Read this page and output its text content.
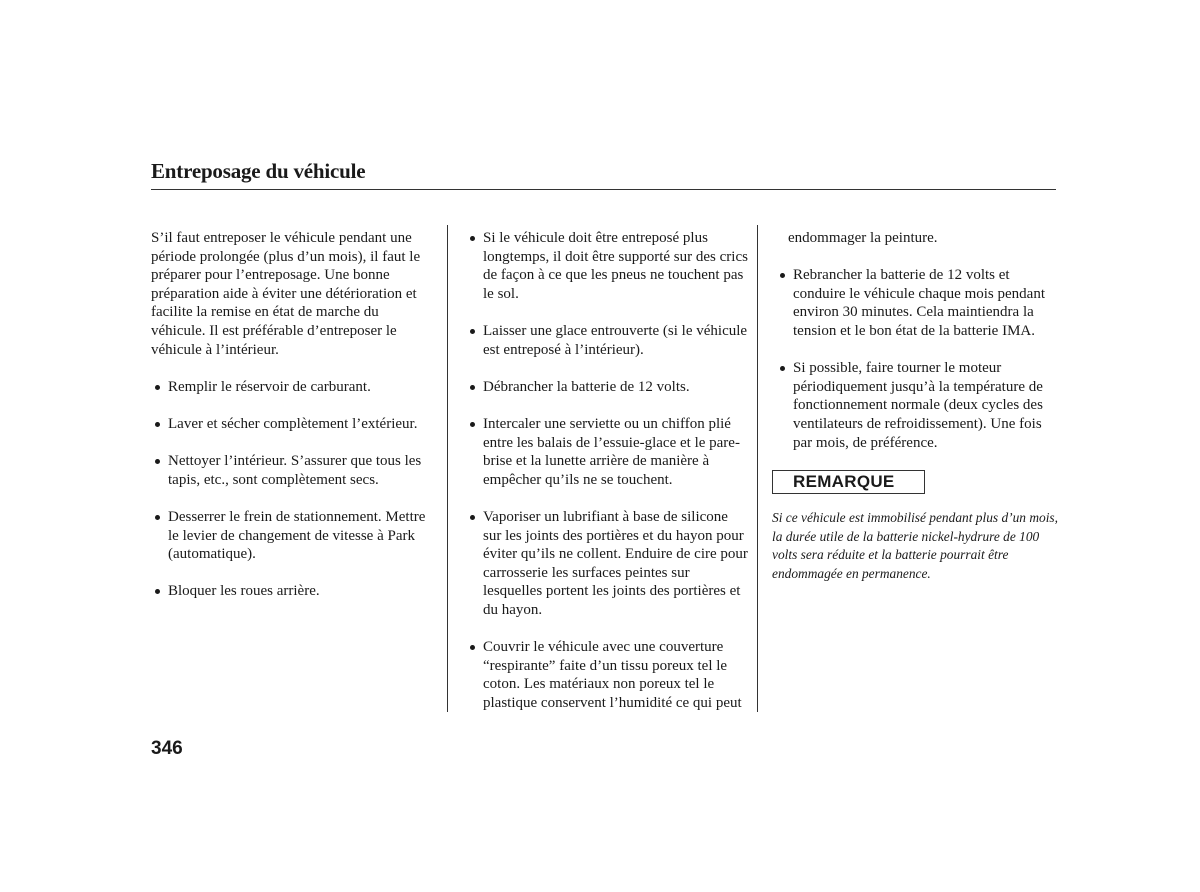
Entreposage du véhicule

S’il faut entreposer le véhicule pendant une période prolongée (plus d’un mois), il faut le préparer pour l’entreposage. Une bonne préparation aide à éviter une détérioration et facilite la remise en état de marche du véhicule. Il est préférable d’entreposer le véhicule à l’intérieur.

Remplir le réservoir de carburant.
Laver et sécher complètement l’extérieur.
Nettoyer l’intérieur. S’assurer que tous les tapis, etc., sont complètement secs.
Desserrer le frein de stationnement. Mettre le levier de changement de vitesse à Park (automatique).
Bloquer les roues arrière.
Si le véhicule doit être entreposé plus longtemps, il doit être supporté sur des crics de façon à ce que les pneus ne touchent pas le sol.
Laisser une glace entrouverte (si le véhicule est entreposé à l’intérieur).
Débrancher la batterie de 12 volts.
Intercaler une serviette ou un chiffon plié entre les balais de l’essuie-glace et le pare-brise et la lunette arrière de manière à empêcher qu’ils ne se touchent.
Vaporiser un lubrifiant à base de silicone sur les joints des portières et du hayon pour éviter qu’ils ne collent. Enduire de cire pour carrosserie les surfaces peintes sur lesquelles portent les joints des portières et du hayon.
Couvrir le véhicule avec une couverture “respirante” faite d’un tissu poreux tel le coton. Les matériaux non poreux tel le plastique conservent l’humidité ce qui peut

endommager la peinture.

Rebrancher la batterie de 12 volts et conduire le véhicule chaque mois pendant environ 30 minutes. Cela maintiendra la tension et le bon état de la batterie IMA.
Si possible, faire tourner le moteur périodiquement jusqu’à la température de fonctionnement normale (deux cycles des ventilateurs de refroidissement). Une fois par mois, de préférence.
REMARQUE

Si ce véhicule est immobilisé pendant plus d’un mois, la durée utile de la batterie nickel-hydrure de 100 volts sera réduite et la batterie pourrait être endommagée en permanence.

346
